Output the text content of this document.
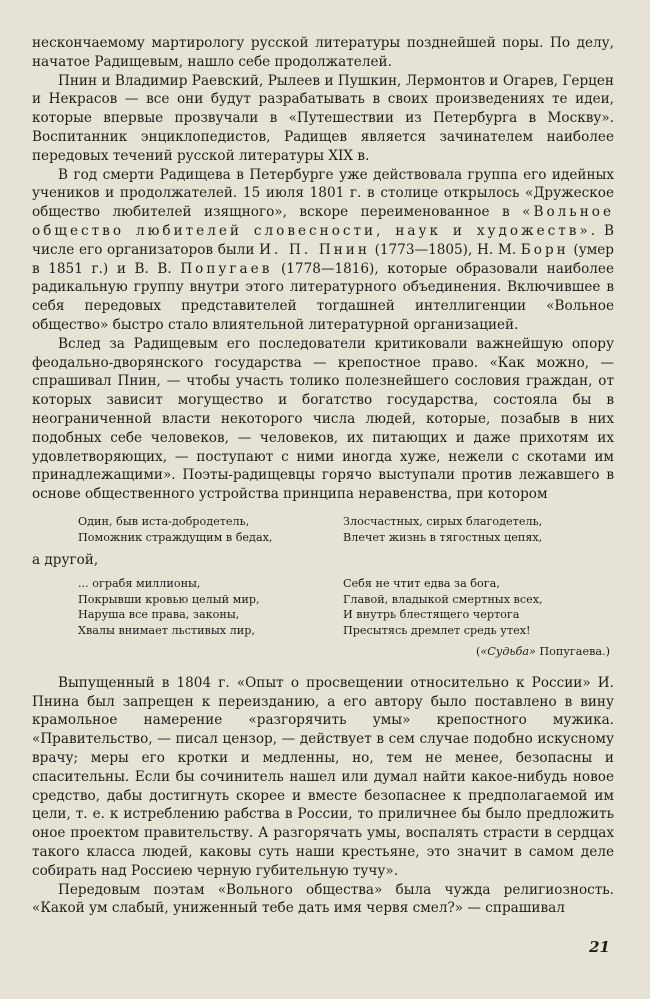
нескончаемому мартирологу русской литературы позднейшей поры. По делу, начатое Радищевым, нашло себе продолжателей.

Пнин и Владимир Раевский, Рылеев и Пушкин, Лермонтов и Огарев, Герцен и Некрасов — все они будут разрабатывать в своих произведениях те идеи, которые впервые прозвучали в «Путешествии из Петербурга в Москву». Воспитанник энциклопедистов, Радищев является зачинателем наиболее передовых течений русской литературы XIX в.

В год смерти Радищева в Петербурге уже действовала группа его идейных учеников и продолжателей. 15 июля 1801 г. в столице открылось «Дружеское общество любителей изящного», вскоре переименованное в «Вольное общество любителей словесности, наук и художеств». В числе его организаторов были И. П. Пнин (1773—1805), Н. М. Борн (умер в 1851 г.) и В. В. Попугаев (1778—1816), которые образовали наиболее радикальную группу внутри этого литературного объединения. Включившее в себя передовых представителей тогдашней интеллигенции «Вольное общество» быстро стало влиятельной литературной организацией.

Вслед за Радищевым его последователи критиковали важнейшую опору феодально-дворянского государства — крепостное право. «Как можно, — спрашивал Пнин, — чтобы участь толико полезнейшего сословия граждан, от которых зависит могущество и богатство государства, состояла бы в неограниченной власти некоторого числа людей, которые, позабыв в них подобных себе человеков, — человеков, их питающих и даже прихотям их удовлетворяющих, — поступают с ними иногда хуже, нежели с скотами им принадлежащими». Поэты-радищевцы горячо выступали против лежавшего в основе общественного устройства принципа неравенства, при котором

Один, быв иста-добродетель,
Поможник страждущим в бедах,
Злосчастных, сирых благодетель,
Влечет жизнь в тягостных цепях,
а другой,
... ограбя миллионы,
Покрывши кровью целый мир,
Наруша все права, законы,
Хвалы внимает льстивых лир,
Себя не чтит едва за бога,
Главой, владыкой смертных всех,
И внутрь блестящего чертога
Пресытясь дремлет средь утех!
(«Судьба» Попугаева.)

Выпущенный в 1804 г. «Опыт о просвещении относительно к России» И. Пнина был запрещен к переизданию, а его автору было поставлено в вину крамольное намерение «разгорячить умы» крепостного мужика. «Правительство, — писал цензор, — действует в сем случае подобно искусному врачу; меры его кротки и медленны, но, тем не менее, безопасны и спасительны. Если бы сочинитель нашел или думал найти какое-нибудь новое средство, дабы достигнуть скорее и вместе безопаснее к предполагаемой им цели, т. е. к истреблению рабства в России, то приличнее бы было предложить оное проектом правительству. А разгорячать умы, воспалять страсти в сердцах такого класса людей, каковы суть наши крестьяне, это значит в самом деле собирать над Россиею черную губительную тучу».

Передовым поэтам «Вольного общества» была чужда религиозность. «Какой ум слабый, униженный тебе дать имя червя смел?» — спрашивал

21
